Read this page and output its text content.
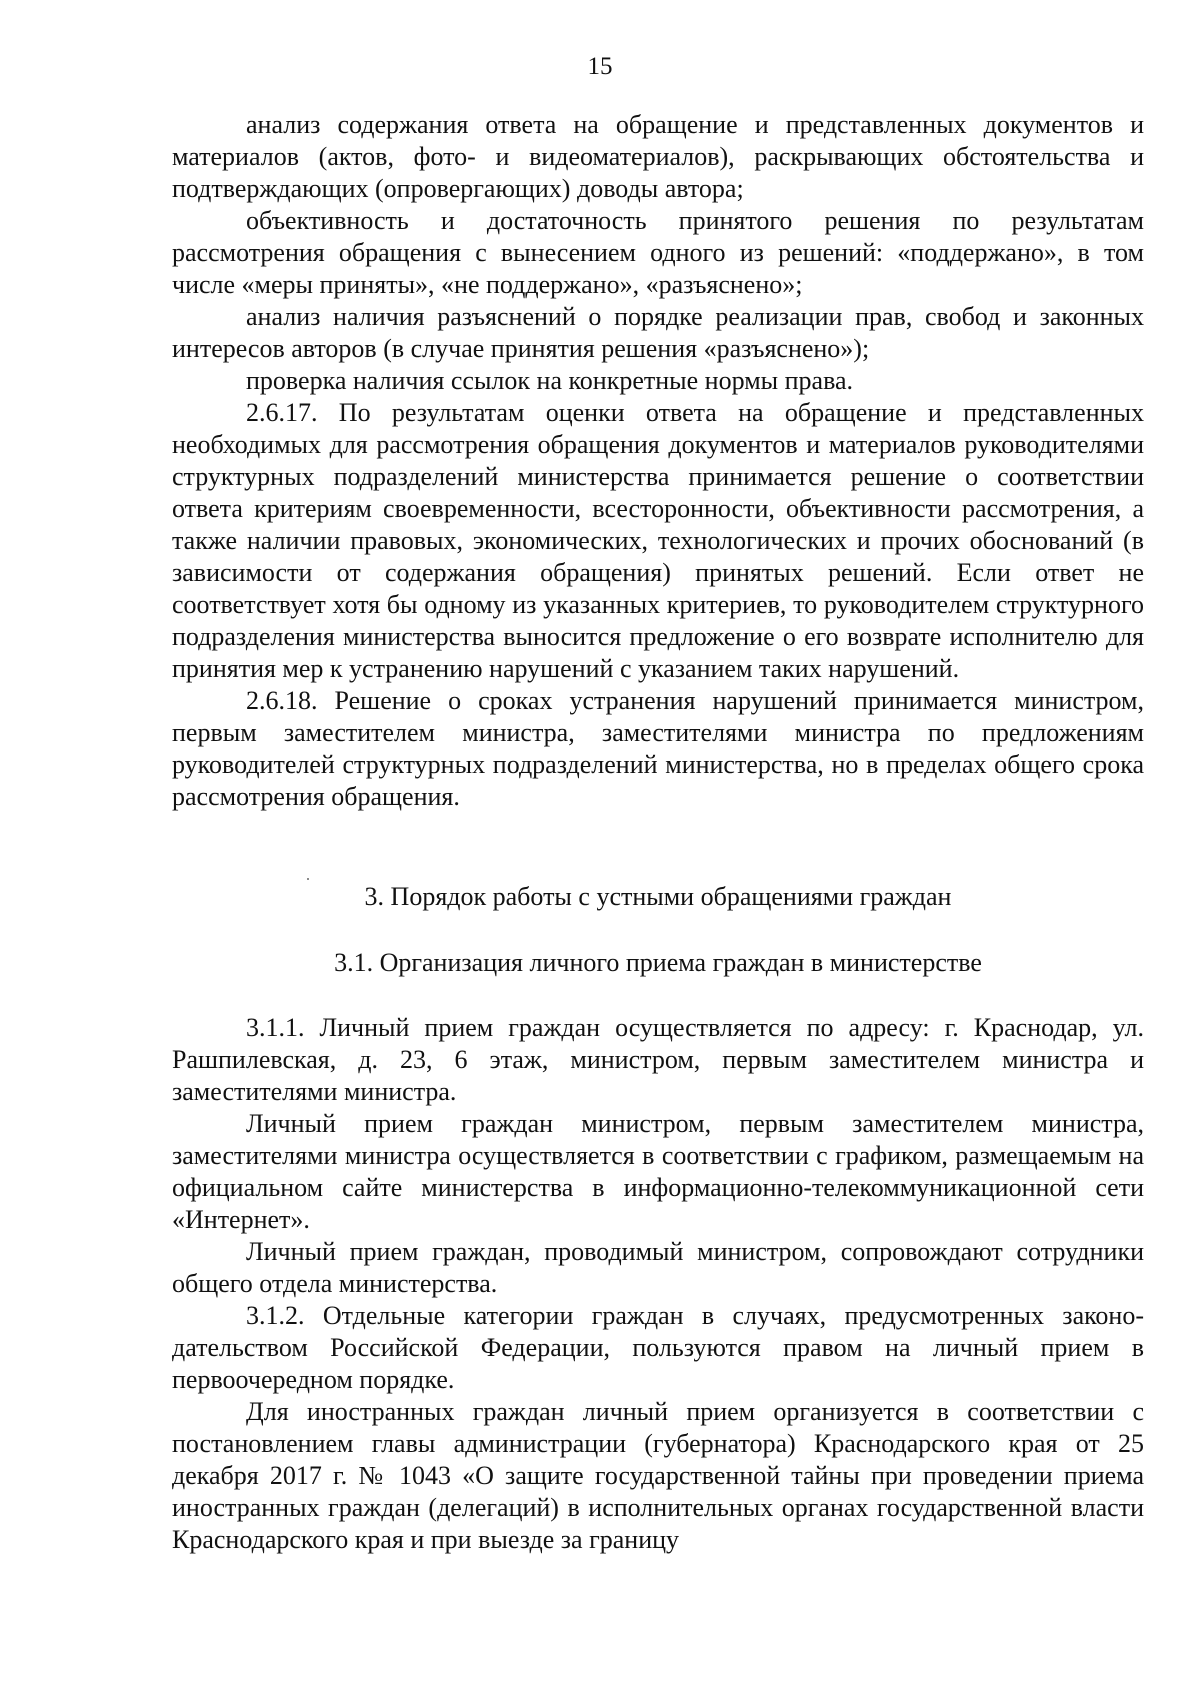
15

анализ содержания ответа на обращение и представленных документов и материалов (актов, фото- и видеоматериалов), раскрывающих обстоятельства и подтверждающих (опровергающих) доводы автора;

объективность и достаточность принятого решения по результатам рассмотрения обращения с вынесением одного из решений: «поддержано», в том числе «меры приняты», «не поддержано», «разъяснено»;

анализ наличия разъяснений о порядке реализации прав, свобод и законных интересов авторов (в случае принятия решения «разъяснено»);

проверка наличия ссылок на конкретные нормы права.

2.6.17. По результатам оценки ответа на обращение и представленных необходимых для рассмотрения обращения документов и материалов руководителями структурных подразделений министерства принимается решение о соответствии ответа критериям своевременности, всесторонности, объективности рассмотрения, а также наличии правовых, экономических, технологических и прочих обоснований (в зависимости от содержания обращения) принятых решений. Если ответ не соответствует хотя бы одному из указанных критериев, то руководителем структурного подразделения министерства выносится предложение о его возврате исполнителю для принятия мер к устранению нарушений с указанием таких нарушений.

2.6.18. Решение о сроках устранения нарушений принимается министром, первым заместителем министра, заместителями министра по предложениям руководителей структурных подразделений министерства, но в пределах общего срока рассмотрения обращения.

3. Порядок работы с устными обращениями граждан

3.1. Организация личного приема граждан в министерстве

3.1.1. Личный прием граждан осуществляется по адресу: г. Краснодар, ул. Рашпилевская, д. 23, 6 этаж, министром, первым заместителем министра и заместителями министра.

Личный прием граждан министром, первым заместителем министра, заместителями министра осуществляется в соответствии с графиком, размещаемым на официальном сайте министерства в информационно-телекоммуникационной сети «Интернет».

Личный прием граждан, проводимый министром, сопровождают сотрудники общего отдела министерства.

3.1.2. Отдельные категории граждан в случаях, предусмотренных законо-дательством Российской Федерации, пользуются правом на личный прием в первоочередном порядке.

Для иностранных граждан личный прием организуется в соответствии с постановлением главы администрации (губернатора) Краснодарского края от 25 декабря 2017 г. № 1043 «О защите государственной тайны при проведении приема иностранных граждан (делегаций) в исполнительных органах государственной власти Краснодарского края и при выезде за границу
